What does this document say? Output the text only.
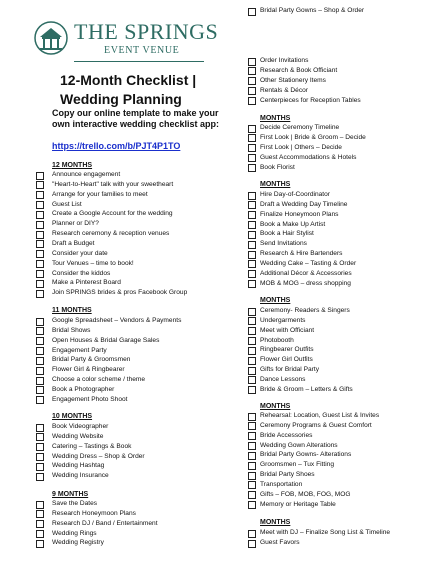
THE SPRINGS
EVENT VENUE
12-Month Checklist | Wedding Planning
Copy our online template to make your own interactive wedding checklist app:
https://trello.com/b/PJT4P1TO
12 MONTHS
Announce engagement
"Heart-to-Heart" talk with your sweetheart
Arrange for your families to meet
Guest List
Create a Google Account for the wedding
Planner or DIY?
Research ceremony & reception venues
Draft a Budget
Consider your date
Tour Venues – time to book!
Consider the kiddos
Make a Pinterest Board
Join SPRINGS brides & pros Facebook Group
11 MONTHS
Google Spreadsheet – Vendors & Payments
Bridal Shows
Open Houses & Bridal Garage Sales
Engagement Party
Bridal Party & Groomsmen
Flower Girl & Ringbearer
Choose a color scheme / theme
Book a Photographer
Engagement Photo Shoot
10 MONTHS
Book Videographer
Wedding Website
Catering – Tastings & Book
Wedding Dress – Shop & Order
Wedding Hashtag
Wedding Insurance
9 MONTHS
Save the Dates
Research Honeymoon Plans
Research DJ / Band / Entertainment
Wedding Rings
Wedding Registry
Bridal Party Gowns – Shop & Order
Order Invitations
Research & Book Officiant
Other Stationery Items
Rentals & Décor
Centerpieces for Reception Tables
MONTHS
Decide Ceremony Timeline
First Look | Bride & Groom – Decide
First Look | Others – Decide
Guest Accommodations & Hotels
Book Florist
MONTHS
Hire Day-of-Coordinator
Draft a Wedding Day Timeline
Finalize Honeymoon Plans
Book a Make Up Artist
Book a Hair Stylist
Send Invitations
Research & Hire Bartenders
Wedding Cake – Tasting & Order
Additional Décor & Accessories
MOB & MOG – dress shopping
MONTHS
Ceremony- Readers & Singers
Undergarments
Meet with Officiant
Photobooth
Ringbearer Outfits
Flower Girl Outfits
Gifts for Bridal Party
Dance Lessons
Bride & Groom – Letters & Gifts
MONTHS
Rehearsal: Location, Guest List & Invites
Ceremony Programs & Guest Comfort
Bride Accessories
Wedding Gown Alterations
Bridal Party Gowns- Alterations
Groomsmen – Tux Fitting
Bridal Party Shoes
Transportation
Gifts – FOB, MOB, FOG, MOG
Memory or Heritage Table
MONTHS
Meet with DJ – Finalize Song List & Timeline
Guest Favors
